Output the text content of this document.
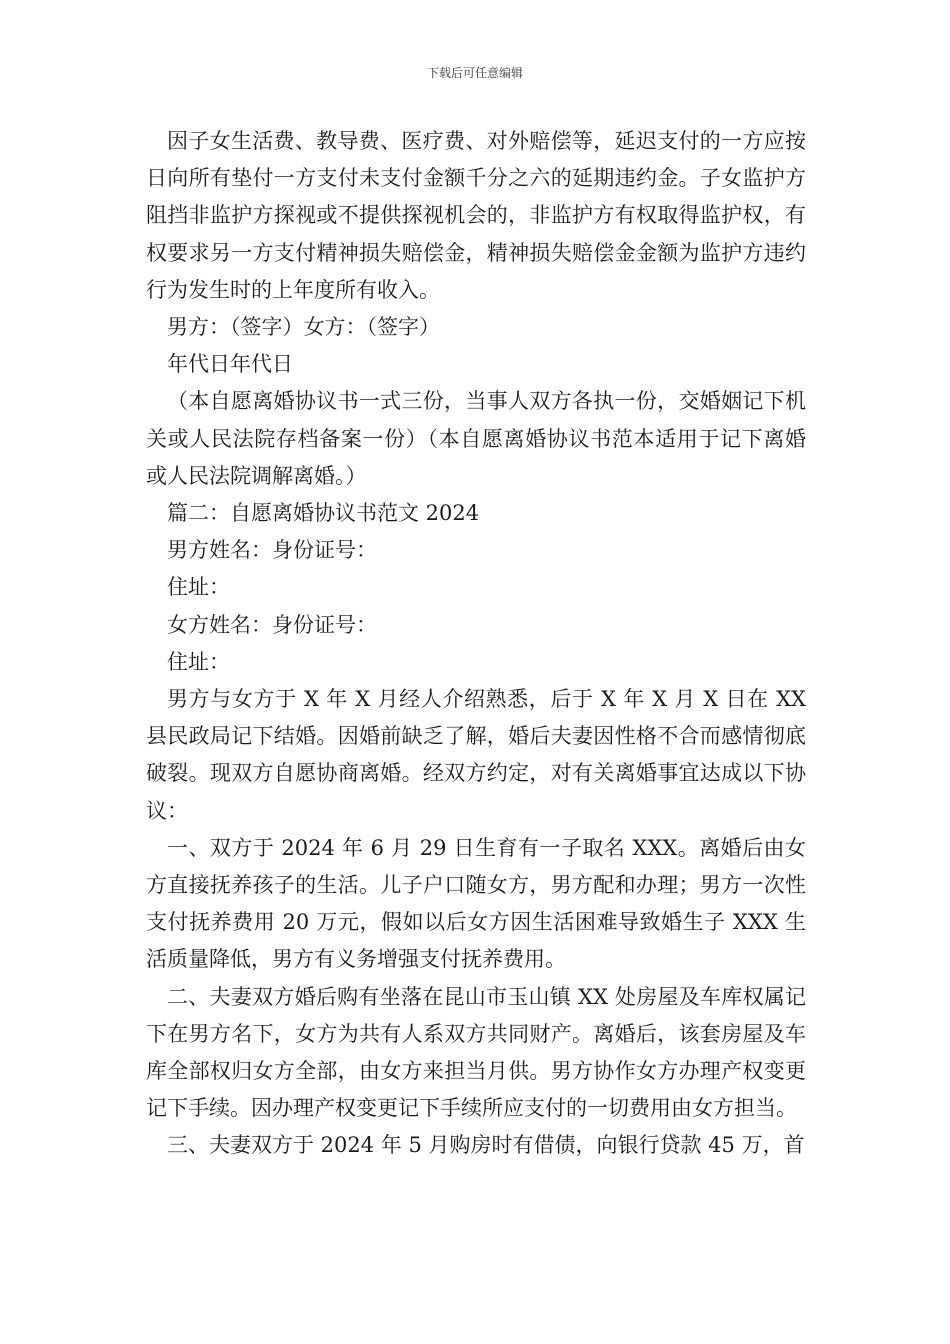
下载后可任意编辑

因子女生活费、教导费、医疗费、对外赔偿等，延迟支付的一方应按日向所有垫付一方支付未支付金额千分之六的延期违约金。子女监护方阻挡非监护方探视或不提供探视机会的，非监护方有权取得监护权，有权要求另一方支付精神损失赔偿金，精神损失赔偿金金额为监护方违约行为发生时的上年度所有收入。

男方：（签字）女方：（签字）

年代日年代日

（本自愿离婚协议书一式三份，当事人双方各执一份，交婚姻记下机关或人民法院存档备案一份）（本自愿离婚协议书范本适用于记下离婚或人民法院调解离婚。）

篇二：自愿离婚协议书范文 2024

男方姓名：身份证号：

住址：

女方姓名：身份证号：

住址：

男方与女方于 X 年 X 月经人介绍熟悉，后于 X 年 X 月 X 日在 XX 县民政局记下结婚。因婚前缺乏了解，婚后夫妻因性格不合而感情彻底破裂。现双方自愿协商离婚。经双方约定，对有关离婚事宜达成以下协议：

一、双方于 2024 年 6 月 29 日生育有一子取名 XXX。离婚后由女方直接抚养孩子的生活。儿子户口随女方，男方配和办理；男方一次性支付抚养费用 20 万元，假如以后女方因生活困难导致婚生子 XXX 生活质量降低，男方有义务增强支付抚养费用。

二、夫妻双方婚后购有坐落在昆山市玉山镇 XX 处房屋及车库权属记下在男方名下，女方为共有人系双方共同财产。离婚后，该套房屋及车库全部权归女方全部，由女方来担当月供。男方协作女方办理产权变更记下手续。因办理产权变更记下手续所应支付的一切费用由女方担当。

三、夫妻双方于 2024 年 5 月购房时有借债，向银行贷款 45 万，首
